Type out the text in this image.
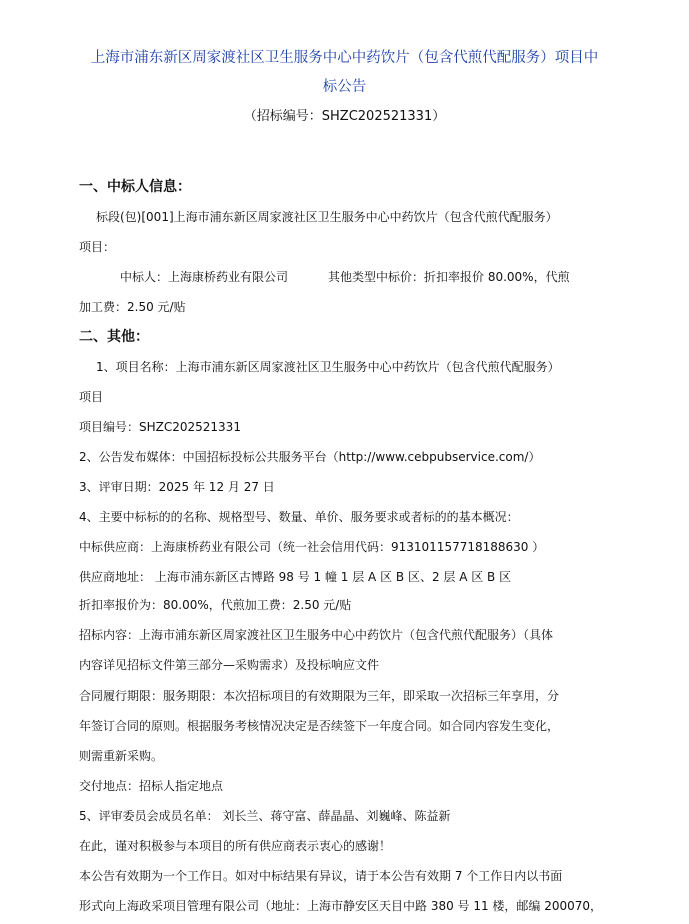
上海市浦东新区周家渡社区卫生服务中心中药饮片（包含代煎代配服务）项目中
标公告
（招标编号：SHZC202521331）
一、中标人信息：
标段(包)[001]上海市浦东新区周家渡社区卫生服务中心中药饮片（包含代煎代配服务）
项目：
中标人：上海康桥药业有限公司	其他类型中标价：折扣率报价 80.00%，代煎
加工费：2.50 元/贴
二、其他：
1、项目名称：上海市浦东新区周家渡社区卫生服务中心中药饮片（包含代煎代配服务）
项目
项目编号：SHZC202521331
2、公告发布媒体：中国招标投标公共服务平台（http://www.cebpubservice.com/）
3、评审日期：2025 年 12 月 27 日
4、主要中标标的的名称、规格型号、数量、单价、服务要求或者标的的基本概况：
中标供应商：上海康桥药业有限公司（统一社会信用代码：913101157718188630 ）
供应商地址： 上海市浦东新区古博路 98 号 1 幢 1 层 A 区 B 区、2 层 A 区 B 区
折扣率报价为：80.00%，代煎加工费：2.50 元/贴
招标内容：上海市浦东新区周家渡社区卫生服务中心中药饮片（包含代煎代配服务）（具体
内容详见招标文件第三部分—采购需求）及投标响应文件
合同履行期限：服务期限：本次招标项目的有效期限为三年，即采取一次招标三年享用，分
年签订合同的原则。根据服务考核情况决定是否续签下一年度合同。如合同内容发生变化，
则需重新采购。
交付地点：招标人指定地点
5、评审委员会成员名单： 刘长兰、蒋守富、薛晶晶、刘巍峰、陈益新
在此，谨对积极参与本项目的所有供应商表示衷心的感谢！
本公告有效期为一个工作日。如对中标结果有异议，请于本公告有效期 7 个工作日内以书面
形式向上海政采项目管理有限公司（地址：上海市静安区天目中路 380 号 11 楼，邮编 200070，
